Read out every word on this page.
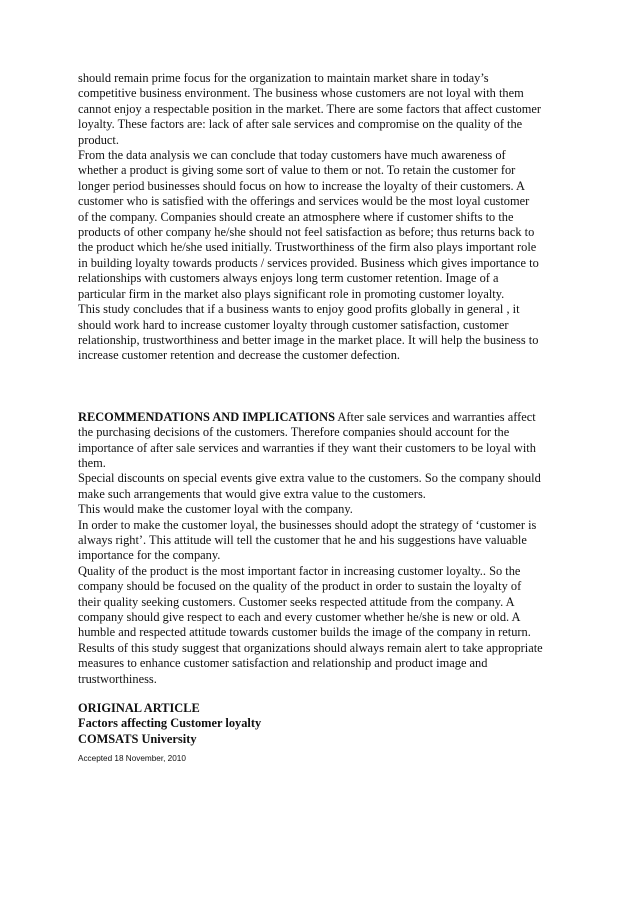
should remain prime focus for the organization to maintain market share in today’s
competitive business environment. The business whose customers are not loyal with them
cannot enjoy a respectable position in the market. There are some factors that affect customer
loyalty. These factors are: lack of after sale services and compromise on the quality of the
product.
From the data analysis we can conclude that today customers have much awareness of
whether a product is giving some sort of value to them or not. To retain the customer for
longer period businesses should focus on how to increase the loyalty of their customers. A
customer who is satisfied with the offerings and services would be the most loyal customer
of the company. Companies should create an atmosphere where if customer shifts to the
products of other company he/she should not feel satisfaction as before; thus returns back to
the product which he/she used initially. Trustworthiness of the firm also plays important role
in building loyalty towards products / services provided. Business which gives importance to
relationships with customers always enjoys long term customer retention. Image of a
particular firm in the market also plays significant role in promoting customer loyalty.
This study concludes that if a business wants to enjoy good profits globally in general , it
should work hard to increase customer loyalty through customer satisfaction, customer
relationship, trustworthiness and better image in the market place. It will help the business to
increase customer retention and decrease the customer defection.
RECOMMENDATIONS AND IMPLICATIONS After sale services and warranties affect
the purchasing decisions of the customers. Therefore companies should account for the
importance of after sale services and warranties if they want their customers to be loyal with
them.
Special discounts on special events give extra value to the customers. So the company should
make such arrangements that would give extra value to the customers.
This would make the customer loyal with the company.
In order to make the customer loyal, the businesses should adopt the strategy of ‘customer is
always right’. This attitude will tell the customer that he and his suggestions have valuable
importance for the company.
Quality of the product is the most important factor in increasing customer loyalty.. So the
company should be focused on the quality of the product in order to sustain the loyalty of
their quality seeking customers. Customer seeks respected attitude from the company. A
company should give respect to each and every customer whether he/she is new or old. A
humble and respected attitude towards customer builds the image of the company in return.
Results of this study suggest that organizations should always remain alert to take appropriate
measures to enhance customer satisfaction and relationship and product image and
trustworthiness.
ORIGINAL ARTICLE
Factors affecting Customer loyalty
COMSATS University
Accepted 18 November, 2010
